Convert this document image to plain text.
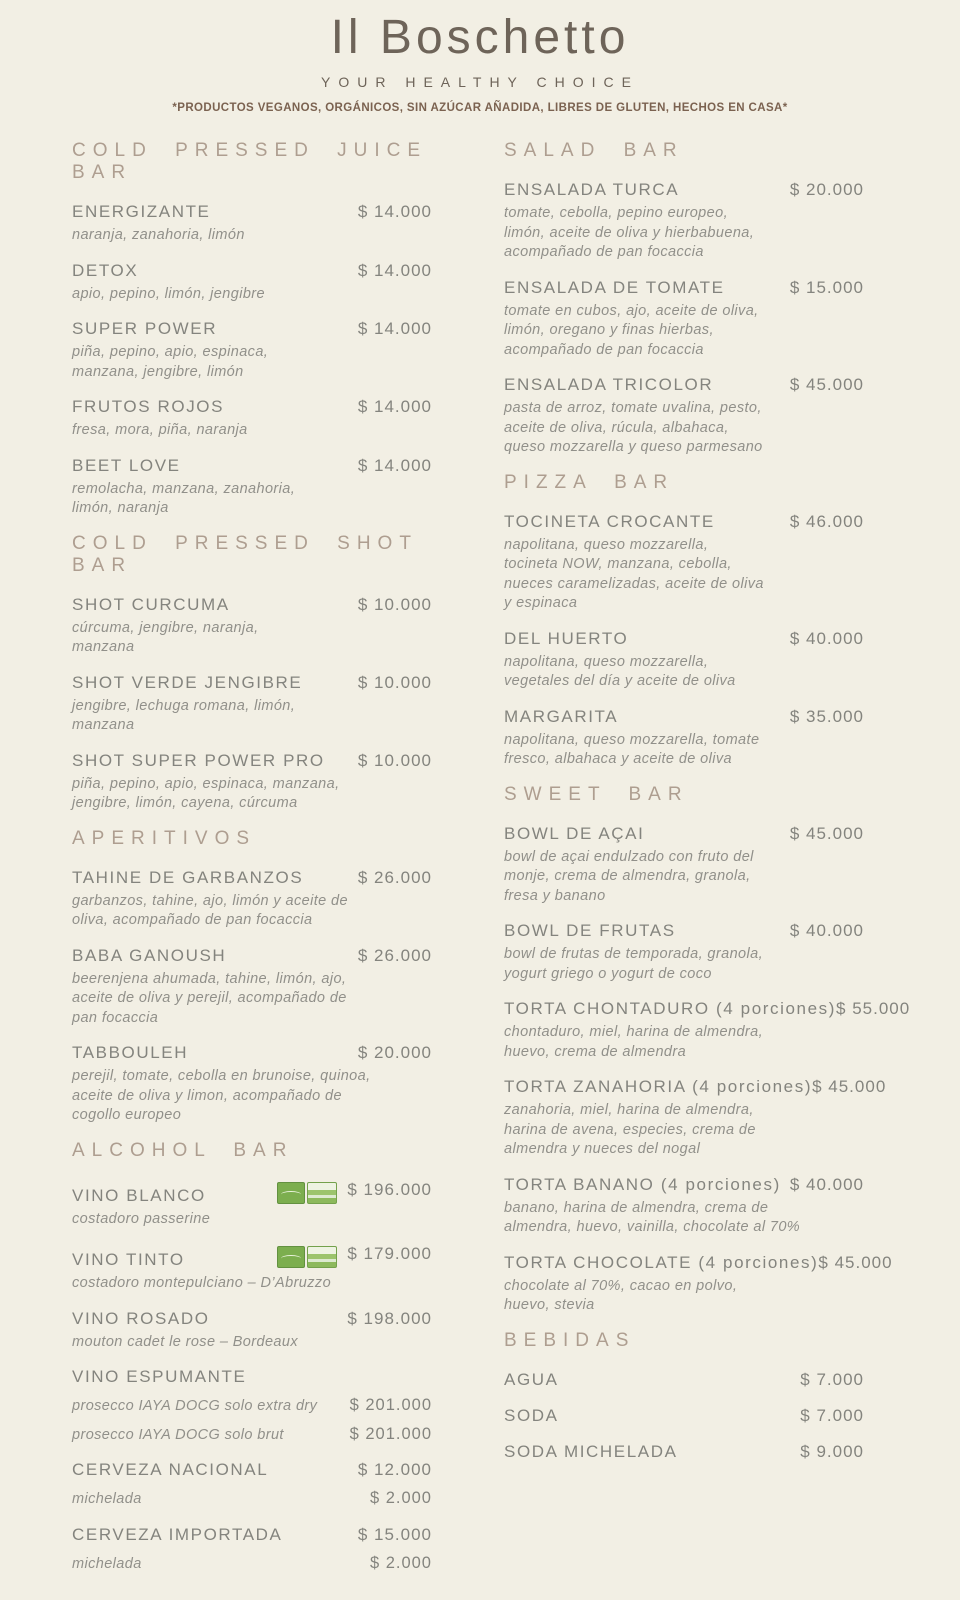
Il Boschetto
YOUR HEALTHY CHOICE
*PRODUCTOS VEGANOS, ORGÁNICOS, SIN AZÚCAR AÑADIDA, LIBRES DE GLUTEN, HECHOS EN CASA*
COLD PRESSED JUICE BAR
ENERGIZANTE	$ 14.000
naranja, zanahoria, limón
DETOX	$ 14.000
apio, pepino, limón, jengibre
SUPER POWER	$ 14.000
piña, pepino, apio, espinaca,
manzana, jengibre, limón
FRUTOS ROJOS	$ 14.000
fresa, mora, piña, naranja
BEET LOVE	$ 14.000
remolacha, manzana, zanahoria,
limón, naranja
COLD PRESSED SHOT BAR
SHOT CURCUMA	$ 10.000
cúrcuma, jengibre, naranja,
manzana
SHOT VERDE JENGIBRE	$ 10.000
jengibre, lechuga romana, limón,
manzana
SHOT SUPER POWER PRO $ 10.000
piña, pepino, apio, espinaca, manzana,
jengibre, limón, cayena, cúrcuma
APERITIVOS
TAHINE DE GARBANZOS	$ 26.000
garbanzos, tahine, ajo, limón y aceite de
oliva, acompañado de pan focaccia
BABA GANOUSH	$ 26.000
beerenjena ahumada, tahine, limón, ajo,
aceite de oliva y perejil, acompañado de
pan focaccia
TABBOULEH	$ 20.000
perejil, tomate, cebolla en brunoise, quinoa,
aceite de oliva y limon, acompañado de
cogollo europeo
ALCOHOL BAR
VINO BLANCO	$ 196.000
costadoro passerine
VINO TINTO	$ 179.000
costadoro montepulciano – D’Abruzzo
VINO ROSADO	$ 198.000
mouton cadet le rose – Bordeaux
VINO ESPUMANTE
prosecco IAYA DOCG solo extra dry $ 201.000
prosecco IAYA DOCG solo brut	$ 201.000
CERVEZA NACIONAL	$ 12.000
michelada	$ 2.000
CERVEZA IMPORTADA	$ 15.000
michelada	$ 2.000
SALAD BAR
ENSALADA TURCA	$ 20.000
tomate, cebolla, pepino europeo,
limón, aceite de oliva y hierbabuena,
acompañado de pan focaccia
ENSALADA DE TOMATE	$ 15.000
tomate en cubos, ajo, aceite de oliva,
limón, oregano y finas hierbas,
acompañado de pan focaccia
ENSALADA TRICOLOR	$ 45.000
pasta de arroz, tomate uvalina, pesto,
aceite de oliva, rúcula, albahaca,
queso mozzarella y queso parmesano
PIZZA BAR
TOCINETA CROCANTE	$ 46.000
napolitana, queso mozzarella,
tocineta NOW, manzana, cebolla,
nueces caramelizadas, aceite de oliva
y espinaca
DEL HUERTO	$ 40.000
napolitana, queso mozzarella,
vegetales del día y aceite de oliva
MARGARITA	$ 35.000
napolitana, queso mozzarella, tomate
fresco, albahaca y aceite de oliva
SWEET BAR
BOWL DE AÇAI	$ 45.000
bowl de açai endulzado con fruto del
monje, crema de almendra, granola,
fresa y banano
BOWL DE FRUTAS	$ 40.000
bowl de frutas de temporada, granola,
yogurt griego o yogurt de coco
TORTA CHONTADURO (4 porciones) $ 55.000
chontaduro, miel, harina de almendra,
huevo, crema de almendra
TORTA ZANAHORIA (4 porciones) $ 45.000
zanahoria, miel, harina de almendra,
harina de avena, especies, crema de
almendra y nueces del nogal
TORTA BANANO (4 porciones) $ 40.000
banano, harina de almendra, crema de
almendra, huevo, vainilla, chocolate al 70%
TORTA CHOCOLATE (4 porciones) $ 45.000
chocolate al 70%, cacao en polvo,
huevo, stevia
BEBIDAS
AGUA	$ 7.000
SODA	$ 7.000
SODA MICHELADA	$ 9.000
